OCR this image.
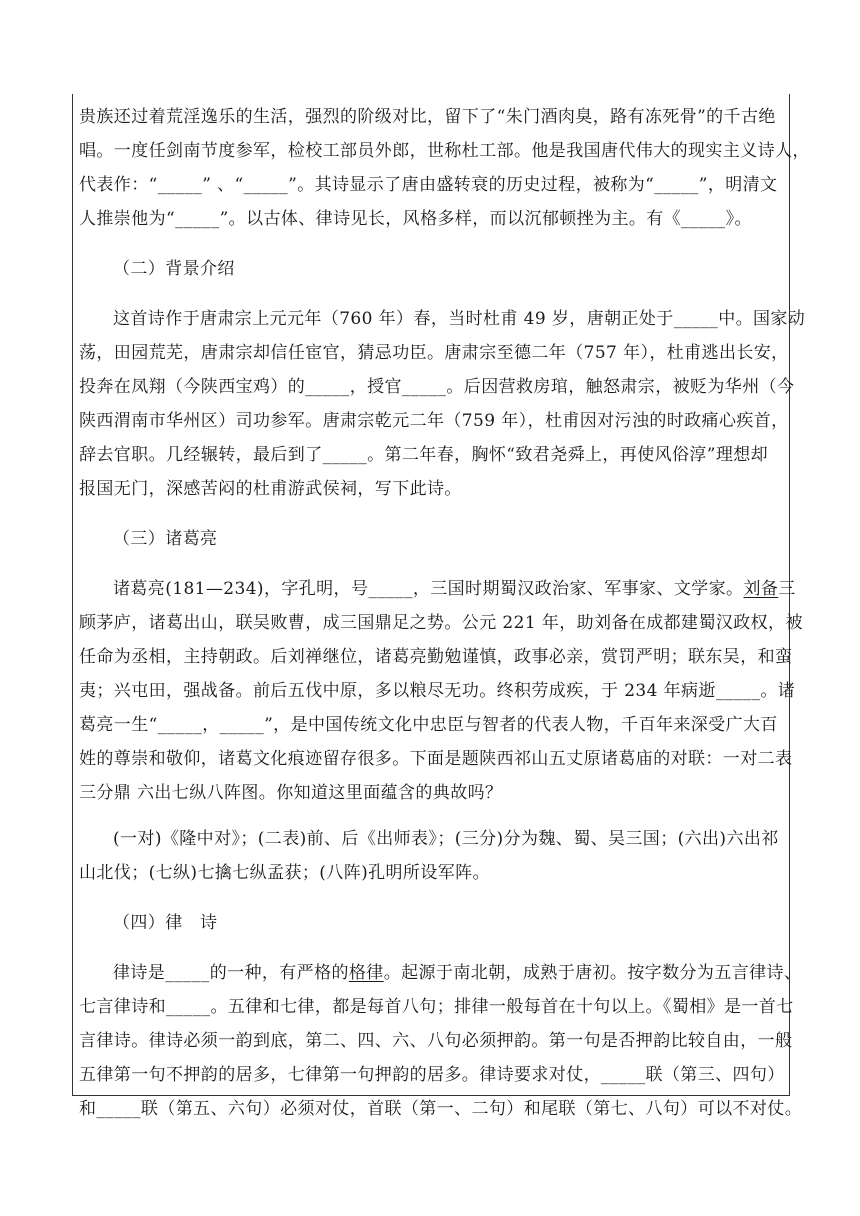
贵族还过着荒淫逸乐的生活，强烈的阶级对比，留下了“朱门酒肉臭，路有冻死骨”的千古绝
唱。一度任剑南节度参军，检校工部员外郎，世称杜工部。他是我国唐代伟大的现实主义诗人，
代表作：“_____” 、“_____”。其诗显示了唐由盛转衰的历史过程，被称为“_____”，明清文
人推崇他为“_____”。以古体、律诗见长，风格多样，而以沉郁顿挫为主。有《_____》。
（二）背景介绍
这首诗作于唐肃宗上元元年（760 年）春，当时杜甫 49 岁，唐朝正处于_____中。国家动
荡，田园荒芜，唐肃宗却信任宦官，猜忌功臣。唐肃宗至德二年（757 年），杜甫逃出长安，
投奔在凤翔（今陕西宝鸡）的_____，授官_____。后因营救房琯，触怒肃宗，被贬为华州（今
陕西渭南市华州区）司功参军。唐肃宗乾元二年（759 年），杜甫因对污浊的时政痛心疾首，
辞去官职。几经辗转，最后到了_____。第二年春，胸怀“致君尧舜上，再使风俗淳”理想却
报国无门，深感苦闷的杜甫游武侯祠，写下此诗。
（三）诸葛亮
诸葛亮(181—234)，字孔明，号_____，三国时期蜀汉政治家、军事家、文学家。刘备三
顾茅庐，诸葛出山，联吴败曹，成三国鼎足之势。公元 221 年，助刘备在成都建蜀汉政权，被
任命为丞相，主持朝政。后刘禅继位，诸葛亮勤勉谨慎，政事必亲，赏罚严明；联东吴，和蛮
夷；兴屯田，强战备。前后五伐中原，多以粮尽无功。终积劳成疾，于 234 年病逝_____。诸
葛亮一生“_____，_____”，是中国传统文化中忠臣与智者的代表人物，千百年来深受广大百
姓的尊崇和敬仰，诸葛文化痕迹留存很多。下面是题陕西祁山五丈原诸葛庙的对联：一对二表
三分鼎 六出七纵八阵图。你知道这里面蕴含的典故吗？
(一对)《隆中对》；(二表)前、后《出师表》；(三分)分为魏、蜀、吴三国；(六出)六出祁
山北伐；(七纵)七擒七纵孟获；(八阵)孔明所设军阵。
（四）律　诗
律诗是_____的一种，有严格的格律。起源于南北朝，成熟于唐初。按字数分为五言律诗、
七言律诗和_____。五律和七律，都是每首八句；排律一般每首在十句以上。《蜀相》是一首七
言律诗。律诗必须一韵到底，第二、四、六、八句必须押韵。第一句是否押韵比较自由，一般
五律第一句不押韵的居多，七律第一句押韵的居多。律诗要求对仗，_____联（第三、四句）
和_____联（第五、六句）必须对仗，首联（第一、二句）和尾联（第七、八句）可以不对仗。
